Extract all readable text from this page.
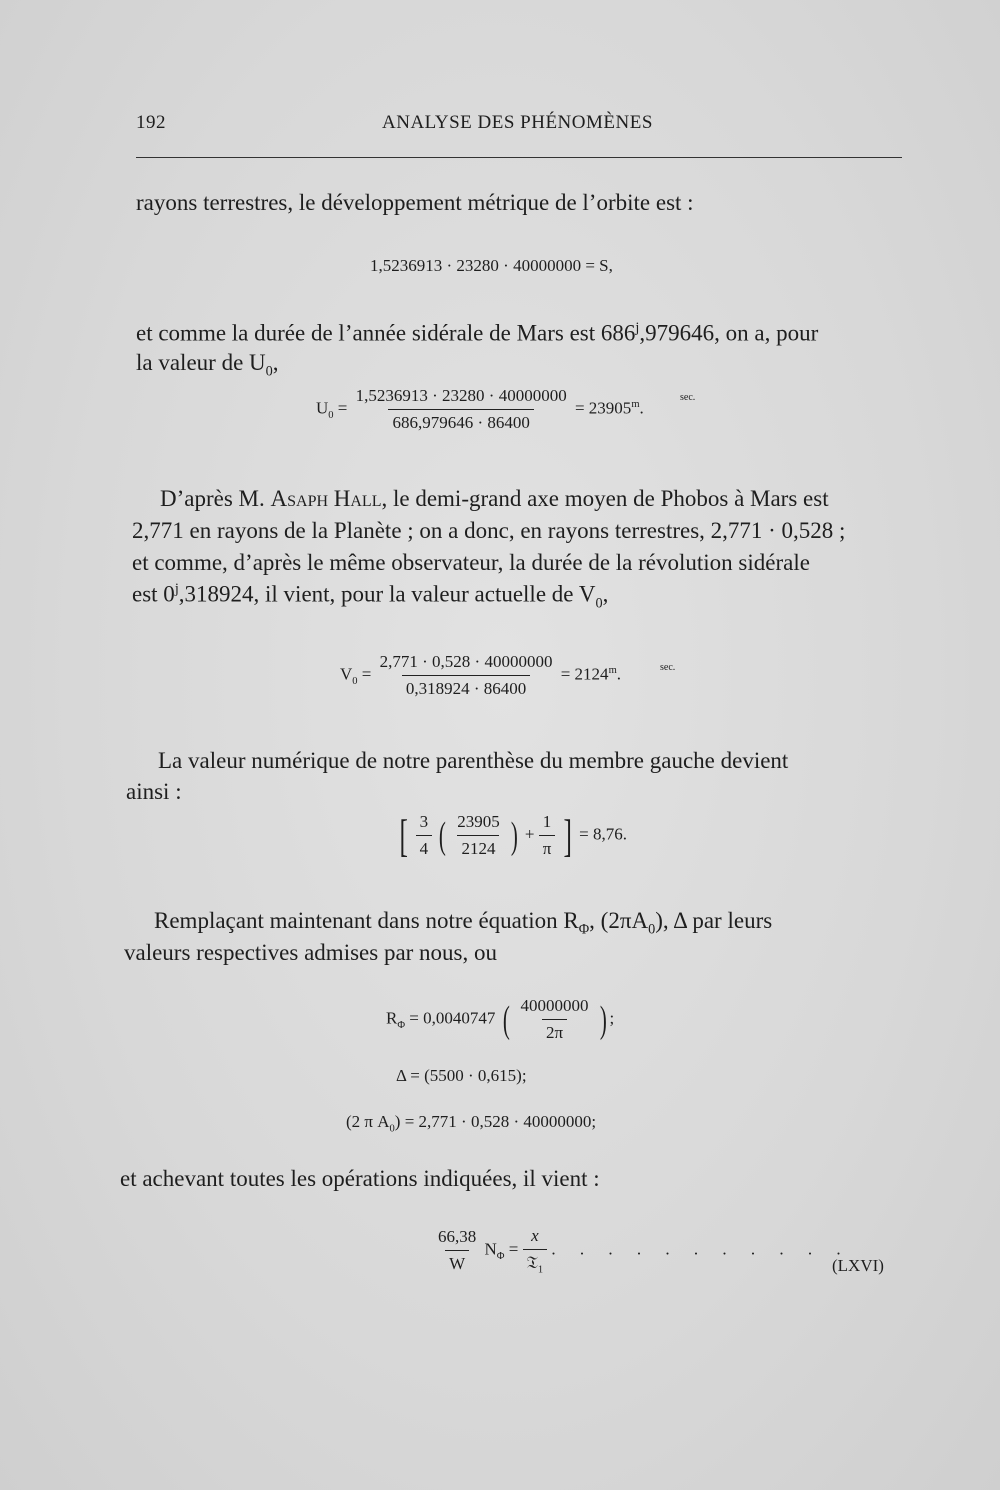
192	ANALYSE DES PHÉNOMÈNES
rayons terrestres, le développement métrique de l’orbite est :
1,5236913 · 23280 · 40000000 = S,
et comme la durée de l’année sidérale de Mars est 686$^j$,979646, on a, pour
la valeur de $U_0$,
$U_0 = \frac{1,5236913 \cdot 23280 \cdot 40000000}{686,979646 \cdot 86400} = 23905^m$.
sec.
D’après M. Asaph Hall, le demi-grand axe moyen de Phobos à Mars est
2,771 en rayons de la Planète ; on a donc, en rayons terrestres, 2,771 · 0,528 ;
et comme, d’après le même observateur, la durée de la révolution sidérale
est 0$^j$,318924, il vient, pour la valeur actuelle de $V_0$,
$V_0 = \frac{2,771 \cdot 0,528 \cdot 40000000}{0,318924 \cdot 86400} = 2124^m$.	sec.
La valeur numérique de notre parenthèse du membre gauche devient
ainsi :
[ $\frac{3}{4}$ ( $\frac{23905}{2124}$ ) + $\frac{1}{\pi}$ ] = 8,76.
Remplaçant maintenant dans notre équation $R_\Phi$, $(2\pi A_0)$, Δ par leurs
valeurs respectives admises par nous, ou
$R_\Phi = 0,0040747$ ( $\frac{40000000}{2\pi}$ ) ;
Δ = (5500 · 0,615);
(2 π $A_0) = 2,771 \cdot 0,528 \cdot 40000000$;
et achevant toutes les opérations indiquées, il vient :
$\frac{66,38}{W} N_\Phi = \frac{x}{𝔗_1}$ . . . . . . . . . . .
(LXVI)
